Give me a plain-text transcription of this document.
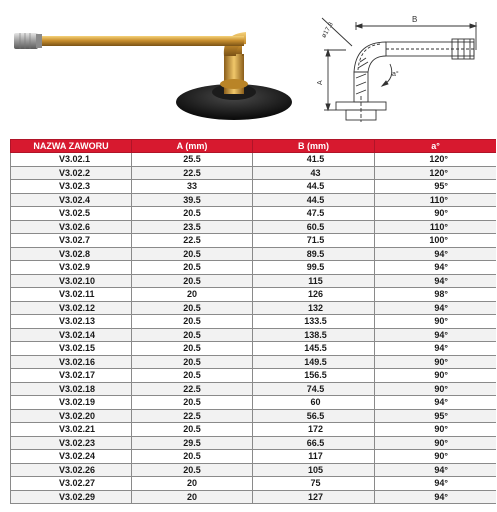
B
ø17.3
A
a°
NAZWA ZAWORU	A (mm)	B (mm)	a°
V3.02.1	25.5	41.5	120°
V3.02.2	22.5	43	120°
V3.02.3	33	44.5	95°
V3.02.4	39.5	44.5	110°
V3.02.5	20.5	47.5	90°
V3.02.6	23.5	60.5	110°
V3.02.7	22.5	71.5	100°
V3.02.8	20.5	89.5	94°
V3.02.9	20.5	99.5	94°
V3.02.10	20.5	115	94°
V3.02.11	20	126	98°
V3.02.12	20.5	132	94°
V3.02.13	20.5	133.5	90°
V3.02.14	20.5	138.5	94°
V3.02.15	20.5	145.5	94°
V3.02.16	20.5	149.5	90°
V3.02.17	20.5	156.5	90°
V3.02.18	22.5	74.5	90°
V3.02.19	20.5	60	94°
V3.02.20	22.5	56.5	95°
V3.02.21	20.5	172	90°
V3.02.23	29.5	66.5	90°
V3.02.24	20.5	117	90°
V3.02.26	20.5	105	94°
V3.02.27	20	75	94°
V3.02.29	20	127	94°
